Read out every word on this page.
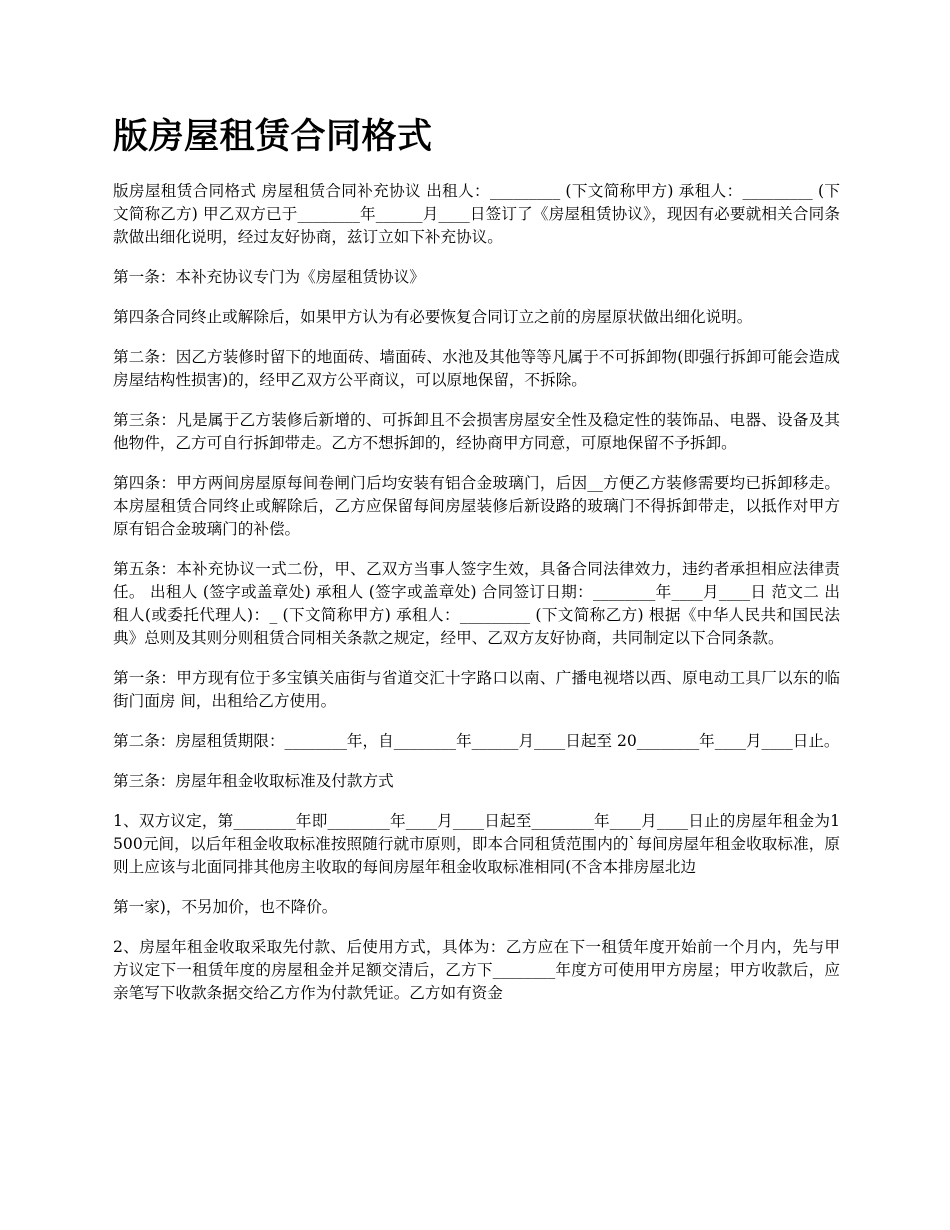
版房屋租赁合同格式

版房屋租赁合同格式 房屋租赁合同补充协议 出租人：_________ (下文简称甲方) 承租人：_________ (下文简称乙方) 甲乙双方已于________年______月____日签订了《房屋租赁协议》，现因有必要就相关合同条款做出细化说明，经过友好协商，兹订立如下补充协议。

第一条：本补充协议专门为《房屋租赁协议》

第四条合同终止或解除后，如果甲方认为有必要恢复合同订立之前的房屋原状做出细化说明。

第二条：因乙方装修时留下的地面砖、墙面砖、水池及其他等等凡属于不可拆卸物(即强行拆卸可能会造成房屋结构性损害)的，经甲乙双方公平商议，可以原地保留，不拆除。

第三条：凡是属于乙方装修后新增的、可拆卸且不会损害房屋安全性及稳定性的装饰品、电器、设备及其他物件，乙方可自行拆卸带走。乙方不想拆卸的，经协商甲方同意，可原地保留不予拆卸。

第四条：甲方两间房屋原每间卷闸门后均安装有铝合金玻璃门，后因__方便乙方装修需要均已拆卸移走。本房屋租赁合同终止或解除后，乙方应保留每间房屋装修后新设路的玻璃门不得拆卸带走，以抵作对甲方原有铝合金玻璃门的补偿。

第五条：本补充协议一式二份，甲、乙双方当事人签字生效，具备合同法律效力，违约者承担相应法律责任。 出租人 (签字或盖章处) 承租人 (签字或盖章处) 合同签订日期：________年____月____日 范文二 出租人(或委托代理人)：_ (下文简称甲方) 承租人：_________ (下文简称乙方) 根据《中华人民共和国民法典》总则及其则分则租赁合同相关条款之规定，经甲、乙双方友好协商，共同制定以下合同条款。

第一条：甲方现有位于多宝镇关庙街与省道交汇十字路口以南、广播电视塔以西、原电动工具厂以东的临街门面房 间，出租给乙方使用。

第二条：房屋租赁期限：________年，自________年______月____日起至 20________年____月____日止。

第三条：房屋年租金收取标准及付款方式

1、双方议定，第________年即________年____月____日起至________年____月____日止的房屋年租金为1500元间，以后年租金收取标准按照随行就市原则，即本合同租赁范围内的`每间房屋年租金收取标准，原则上应该与北面同排其他房主收取的每间房屋年租金收取标准相同(不含本排房屋北边

第一家)，不另加价，也不降价。

2、房屋年租金收取采取先付款、后使用方式，具体为：乙方应在下一租赁年度开始前一个月内，先与甲方议定下一租赁年度的房屋租金并足额交清后，乙方下________年度方可使用甲方房屋；甲方收款后，应亲笔写下收款条据交给乙方作为付款凭证。乙方如有资金
